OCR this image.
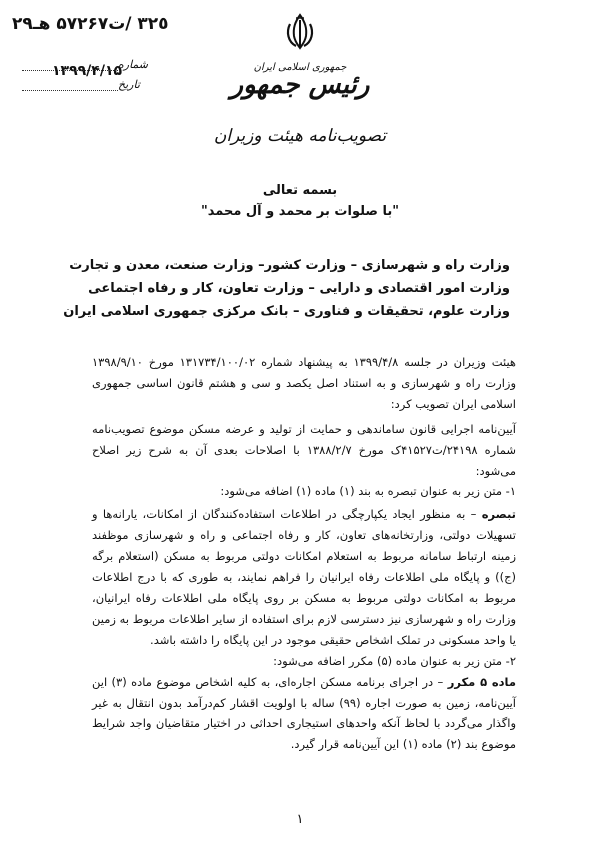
٢۹٣٢٥ /ت۵۷۲۶۷ هـ
شماره
تاریخ
۱۳۹۹/۴/۱۵	جمهوری اسلامی ایران
رئیس جمهور
تصویب‌نامه هیئت وزیران
بسمه تعالی
"با صلوات بر محمد و آل محمد"
وزارت راه و شهرسازی – وزارت کشور– وزارت صنعت، معدن و تجارت
وزارت امور اقتصادی و دارایی – وزارت تعاون، کار و رفاه اجتماعی
وزارت علوم، تحقیقات و فناوری – بانک مرکزی جمهوری اسلامی ایران

هیئت وزیران در جلسه ۱۳۹۹/۴/۸ به پیشنهاد شماره ۱۳۱۷۳۴/۱۰۰/۰۲ مورخ ۱۳۹۸/۹/۱۰ وزارت راه و شهرسازی و به استناد اصل یکصد و سی و هشتم قانون اساسی جمهوری اسلامی ایران تصویب کرد:

آیین‌نامه اجرایی قانون ساماندهی و حمایت از تولید و عرضه مسکن موضوع تصویب‌نامه شماره ۲۴۱۹۸/ت۴۱۵۲۷ک مورخ ۱۳۸۸/۲/۷ با اصلاحات بعدی آن به شرح زیر اصلاح می‌شود:

۱- متن زیر به عنوان تبصره به بند (۱) ماده (۱) اضافه می‌شود:

تبصره – به منظور ایجاد یکپارچگی در اطلاعات استفاده‌کنندگان از امکانات، یارانه‌ها و تسهیلات دولتی، وزارتخانه‌های تعاون، کار و رفاه اجتماعی و راه و شهرسازی موظفند زمینه ارتباط سامانه مربوط به استعلام امکانات دولتی مربوط به مسکن (استعلام برگه (ج)) و پایگاه ملی اطلاعات رفاه ایرانیان را فراهم نمایند، به طوری که با درج اطلاعات مربوط به امکانات دولتی مربوط به مسکن بر روی پایگاه ملی اطلاعات رفاه ایرانیان، وزارت راه و شهرسازی نیز دسترسی لازم برای استفاده از سایر اطلاعات مربوط به زمین یا واحد مسکونی در تملک اشخاص حقیقی موجود در این پایگاه را داشته باشد.

۲- متن زیر به عنوان ماده (۵) مکرر اضافه می‌شود:

ماده ۵ مکرر – در اجرای برنامه مسکن اجاره‌ای، به کلیه اشخاص موضوع ماده (۳) این آیین‌نامه، زمین به صورت اجاره (۹۹) ساله با اولویت اقشار کم‌درآمد بدون انتقال به غیر واگذار می‌گردد با لحاظ آنکه واحدهای استیجاری احداثی در اختیار متقاضیان واجد شرایط موضوع بند (۲) ماده (۱) این آیین‌نامه قرار گیرد.

۱
